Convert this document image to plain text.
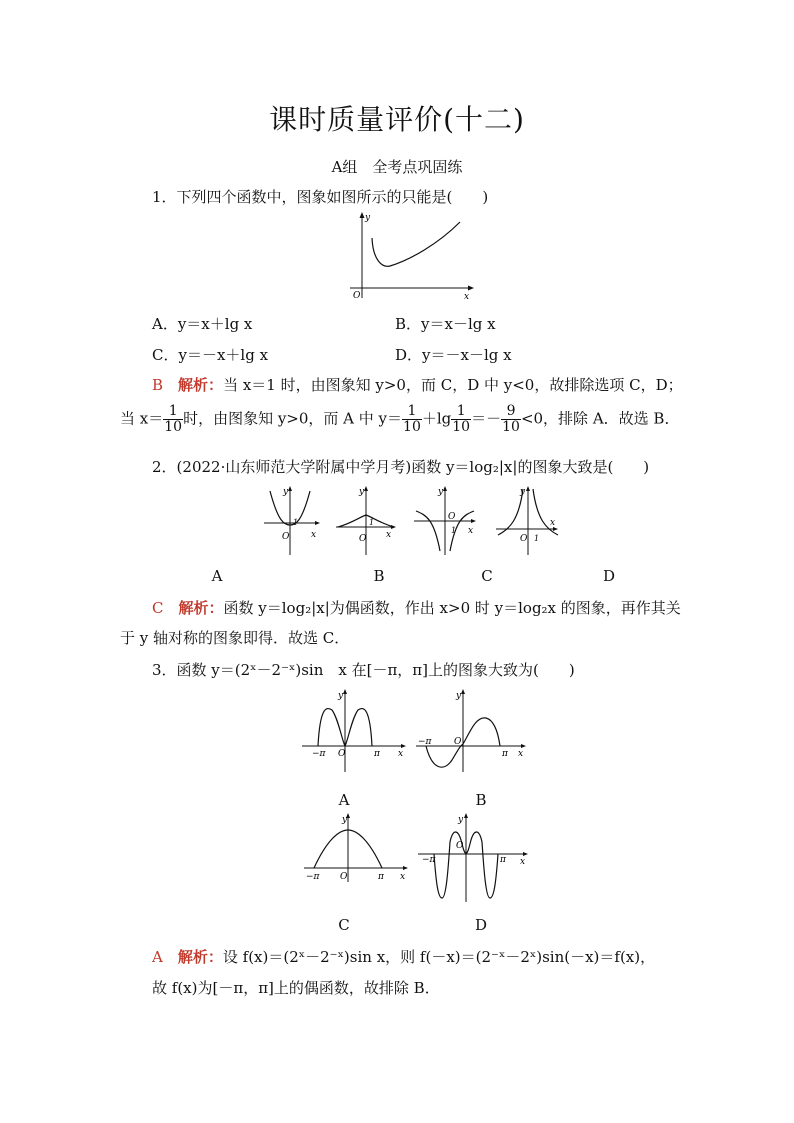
课时质量评价(十二)
A组　全考点巩固练
1．下列四个函数中，图象如图所示的只能是(　　)
y
x
O
A．y＝x＋lg x	B．y＝x－lg x
C．y＝－x＋lg x	D．y＝－x－lg x
B　 解析：当 x＝1 时，由图象知 y>0，而 C，D 中 y<0，故排除选项 C，D；
当 $x= \frac{1}{10}$ 时，由图象知 y>0，而 A 中 $y= \frac{1}{10} +\lg \frac{1}{10} =- \frac{9}{10} <0$，排除 A．故选 B．
2．(2022·山东师范大学附属中学月考)函数 y＝log₂|x|的图象大致是(　　)
O
1
x
y
O
1
x
y
O
1 x
y
O 1
x
y
A	B	C	D
C　 解析：函数 y＝log₂|x|为偶函数，作出 x>0 时 y＝log₂x 的图象，再作其关
于 y 轴对称的图象即得．故选 C．
3．函数 y＝(2ˣ－2⁻ˣ)sin　x 在[－π，π]上的图象大致为(　　)
−π O	π x
y
−π	O
π x
y
−π O	π x
y
−π
O
π x
y
A	B
C	D
A　 解析：设 f(x)＝(2ˣ－2⁻ˣ)sin x，则 f(－x)＝(2⁻ˣ－2ˣ)sin(－x)＝f(x)，
故 f(x)为[－π，π]上的偶函数，故排除 B．
